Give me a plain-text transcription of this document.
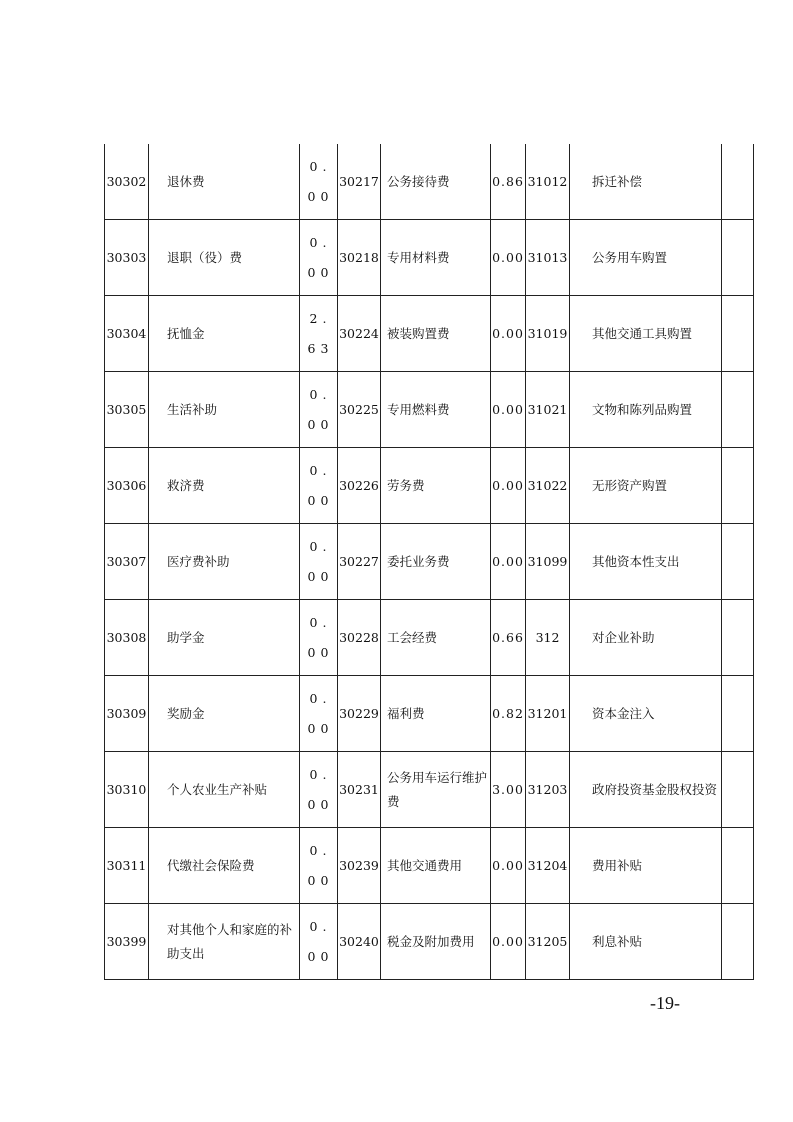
30302	退休费	0.00	30217	公务接待费	0.86	31012	拆迁补偿	
30303	退职（役）费	0.00	30218	专用材料费	0.00	31013	公务用车购置	
30304	抚恤金	2.63	30224	被装购置费	0.00	31019	其他交通工具购置	
30305	生活补助	0.00	30225	专用燃料费	0.00	31021	文物和陈列品购置	
30306	救济费	0.00	30226	劳务费	0.00	31022	无形资产购置	
30307	医疗费补助	0.00	30227	委托业务费	0.00	31099	其他资本性支出	
30308	助学金	0.00	30228	工会经费	0.66	312	对企业补助	
30309	奖励金	0.00	30229	福利费	0.82	31201	资本金注入	
30310	个人农业生产补贴	0.00	30231	公务用车运行维护费	3.00	31203	政府投资基金股权投资	
30311	代缴社会保险费	0.00	30239	其他交通费用	0.00	31204	费用补贴	
30399	对其他个人和家庭的补助支出	0.00	30240	税金及附加费用	0.00	31205	利息补贴	
-19-
